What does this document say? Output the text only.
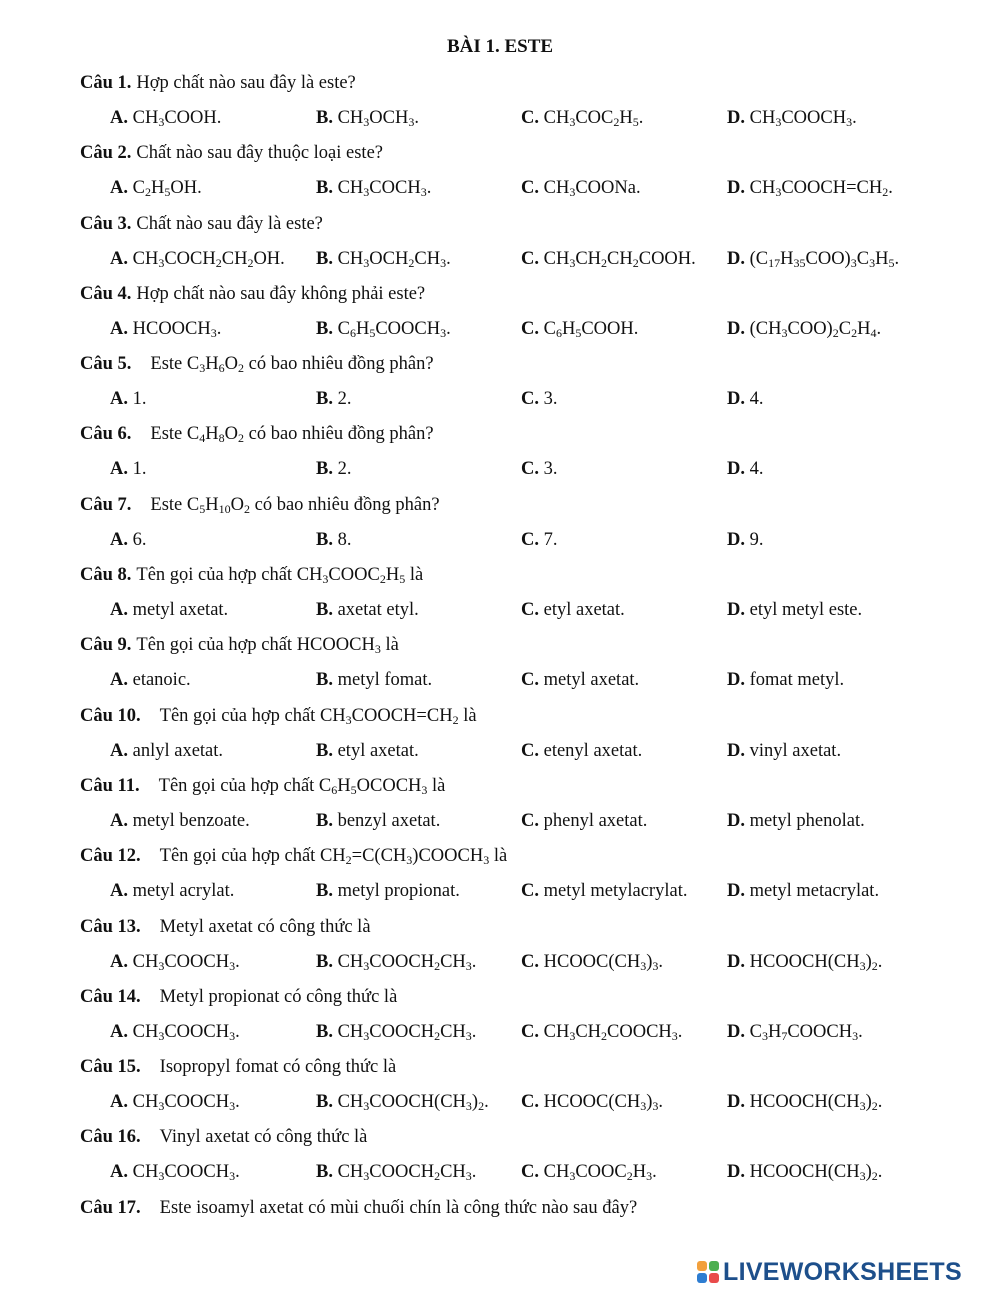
BÀI 1. ESTE
Câu 1. Hợp chất nào sau đây là este?
A. $CH_3COOH$.	B. $CH_3OCH_3$.	C. $CH_3COC_2H_5$.	D. $CH_3COOCH_3$.
Câu 2. Chất nào sau đây thuộc loại este?
A. $C_2H_5OH$.	B. $CH_3COCH_3$.	C. $CH_3COONa$.	D. $CH_3COOCH=CH_2$.
Câu 3. Chất nào sau đây là este?
A. $CH_3COCH_2CH_2OH$. B. $CH_3OCH_2CH_3$.	C. $CH_3CH_2CH_2COOH$. D. $(C_{17}H_{35}COO)_3C_3H_5$.
Câu 4. Hợp chất nào sau đây không phải este?
A. $HCOOCH_3$.	B. $C_6H_5COOCH_3$.	C. $C_6H_5COOH$.	D. $(CH_3COO)_2C_2H_4$.
Câu 5. Este $C_3H_6O_2$ có bao nhiêu đồng phân?
A. 1.	B. 2.	C. 3.	D. 4.
Câu 6. Este $C_4H_8O_2$ có bao nhiêu đồng phân?
A. 1.	B. 2.	C. 3.	D. 4.
Câu 7. Este $C_5H_{10}O_2$ có bao nhiêu đồng phân?
A. 6.	B. 8.	C. 7.	D. 9.
Câu 8. Tên gọi của hợp chất $CH_3COOC_2H_5$ là
A. metyl axetat.	B. axetat etyl.	C. etyl axetat.	D. etyl metyl este.
Câu 9. Tên gọi của hợp chất $HCOOCH_3$ là
A. etanoic.	B. metyl fomat.	C. metyl axetat.	D. fomat metyl.
Câu 10. Tên gọi của hợp chất $CH_3COOCH=CH_2$ là
A. anlyl axetat.	B. etyl axetat.	C. etenyl axetat.	D. vinyl axetat.
Câu 11. Tên gọi của hợp chất $C_6H_5OCOCH_3$ là
A. metyl benzoate.	B. benzyl axetat.	C. phenyl axetat.	D. metyl phenolat.
Câu 12. Tên gọi của hợp chất $CH_2=C(CH_3)COOCH_3$ là
A. metyl acrylat.	B. metyl propionat.	C. metyl metylacrylat. D. metyl metacrylat.
Câu 13. Metyl axetat có công thức là
A. $CH_3COOCH_3$.	B. $CH_3COOCH_2CH_3$. C. $HCOOC(CH_3)_3$.	D. $HCOOCH(CH_3)_2$.
Câu 14. Metyl propionat có công thức là
A. $CH_3COOCH_3$.	B. $CH_3COOCH_2CH_3$. C. $CH_3CH_2COOCH_3$. D. $C_3H_7COOCH_3$.
Câu 15. Isopropyl fomat có công thức là
A. $CH_3COOCH_3$.	B. $CH_3COOCH(CH_3)_2$. C. $HCOOC(CH_3)_3$.	D. $HCOOCH(CH_3)_2$.
Câu 16. Vinyl axetat có công thức là
A. $CH_3COOCH_3$.	B. $CH_3COOCH_2CH_3$. C. $CH_3COOC_2H_3$.	D. $HCOOCH(CH_3)_2$.
Câu 17. Este isoamyl axetat có mùi chuối chín là công thức nào sau đây?
LIVEWORKSHEETS
